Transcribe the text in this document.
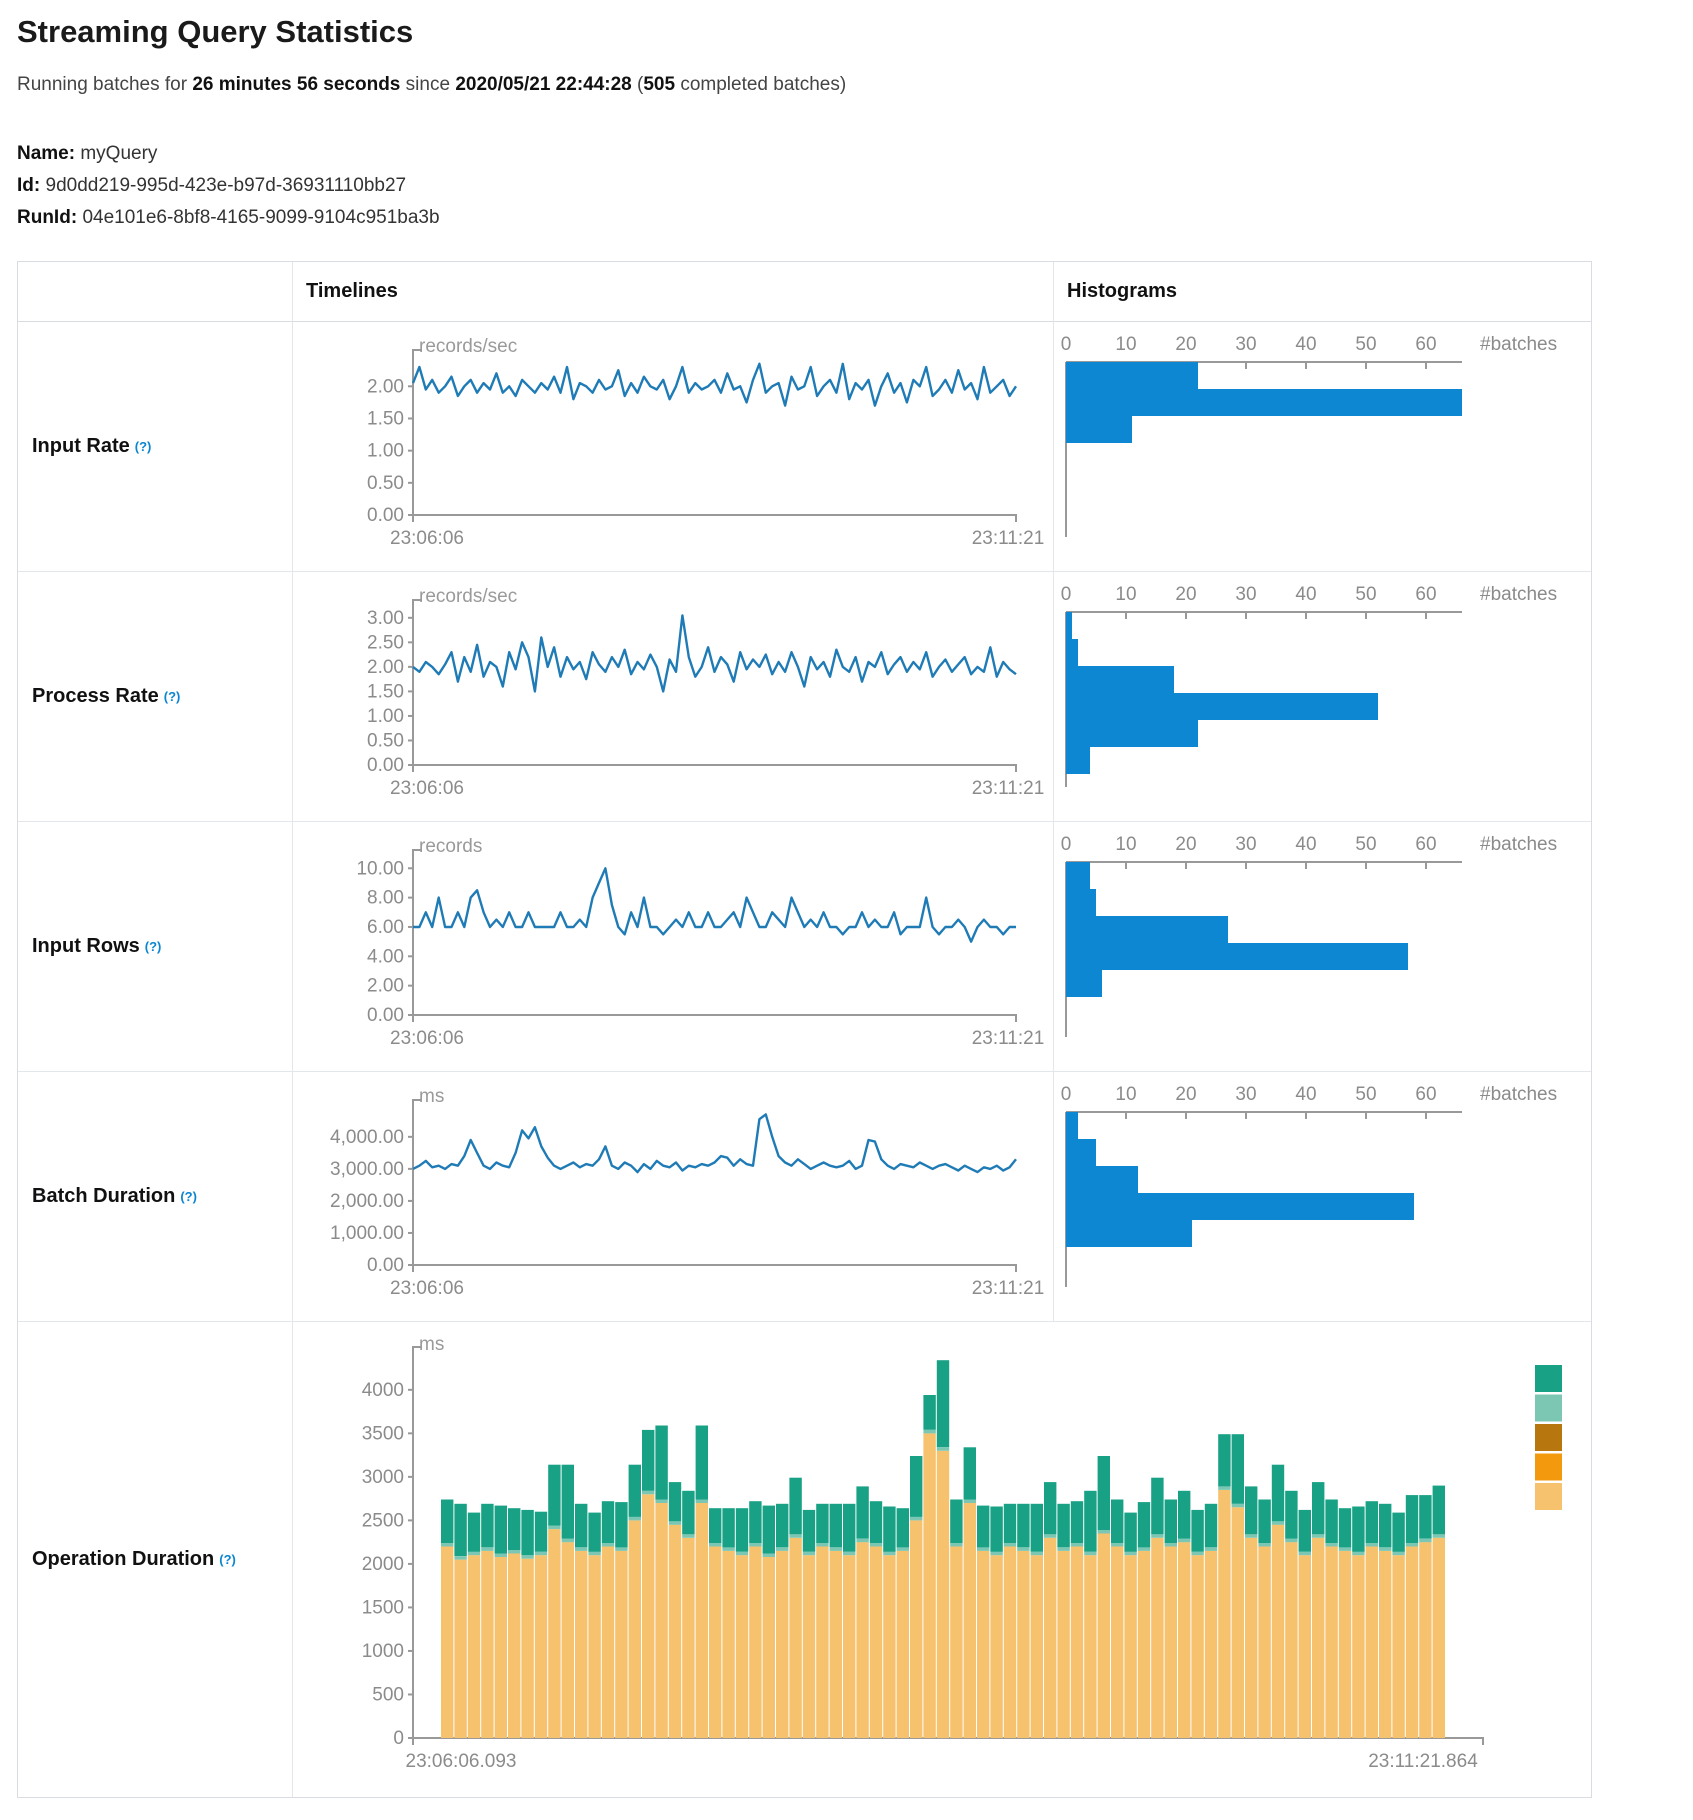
Streaming Query Statistics
Running batches for 26 minutes 56 seconds since 2020/05/21 22:44:28 (505 completed batches)
Name: myQuery
Id: 9d0dd219-995d-423e-b97d-36931110bb27
RunId: 04e101e6-8bf8-4165-9099-9104c951ba3b
Timelines	Histograms
Input Rate (?)
records/sec
0.00
0.50
1.00
1.50
2.00
23:06:06	23:11:21
0 10 20 30 40 50 60 #batches
Process Rate (?)
records/sec
0.00
0.50
1.00
1.50
2.00
2.50
3.00
23:06:06	23:11:21
0 10 20 30 40 50 60 #batches
Input Rows (?)
records
0.00
2.00
4.00
6.00
8.00
10.00
23:06:06	23:11:21
0 10 20 30 40 50 60 #batches
Batch Duration (?)
ms
0.00
1,000.00
2,000.00
3,000.00
4,000.00
23:06:06	23:11:21
0 10 20 30 40 50 60 #batches
Operation Duration (?)
ms
0
500
1000
1500
2000
2500
3000
3500
4000
23:06:06.093	23:11:21.864
